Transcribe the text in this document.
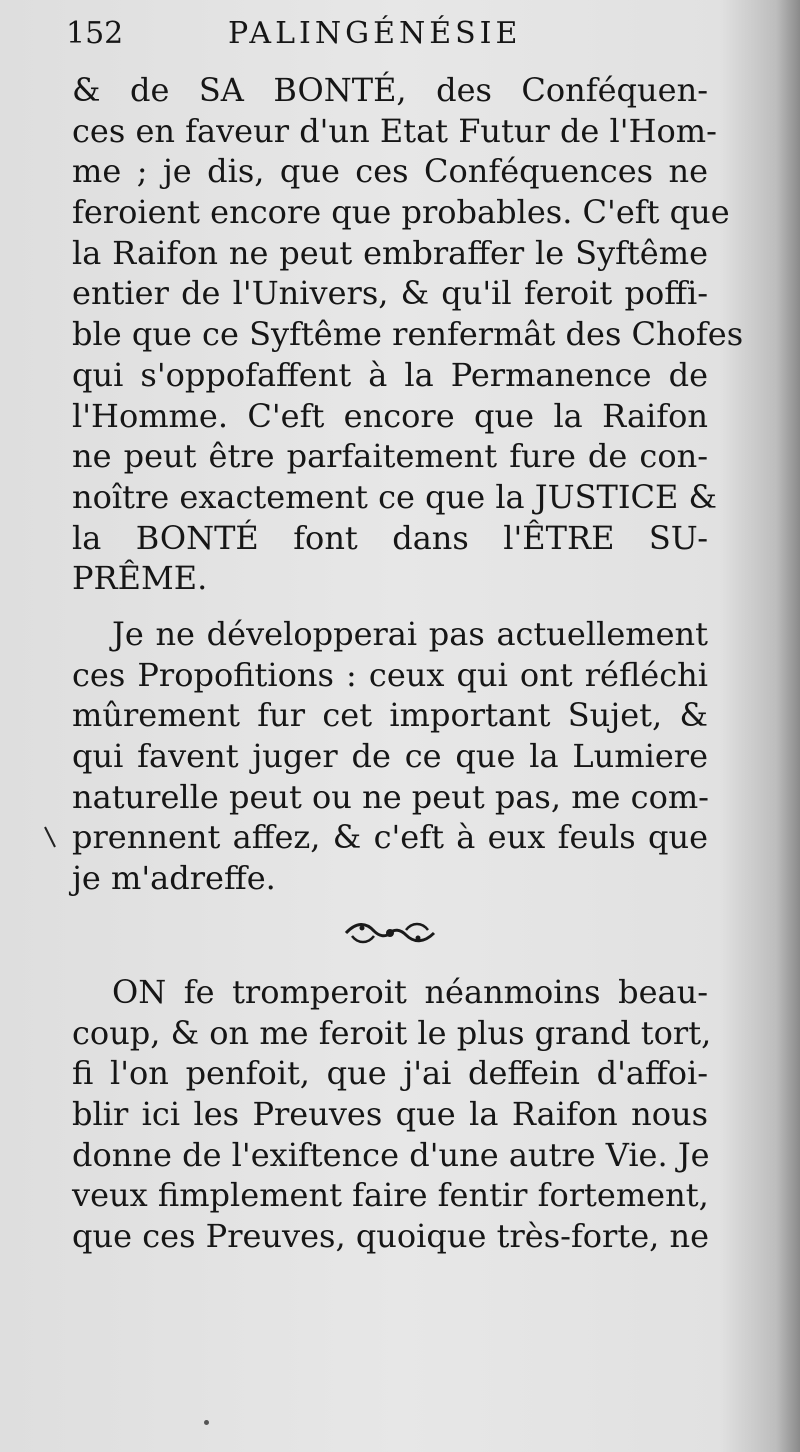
152	PALINGÉNÉSIE
& de SA BONTÉ, des Conféquen-
ces en faveur d'un Etat Futur de l'Hom-
me ; je dis, que ces Conféquences ne
feroient encore que probables. C'eft que
la Raifon ne peut embraffer le Syftême
entier de l'Univers, & qu'il feroit poffi-
ble que ce Syftême renfermât des Chofes
qui s'oppofaffent à la Permanence de
l'Homme. C'eft encore que la Raifon
ne peut être parfaitement fure de con-
noître exactement ce que la JUSTICE &
la BONTÉ font dans l'ÊTRE SU-
PRÊME.
Je ne développerai pas actuellement
ces Propofitions : ceux qui ont réfléchi
mûrement fur cet important Sujet, &
qui favent juger de ce que la Lumiere
naturelle peut ou ne peut pas, me com-
prennent affez, & c'eft à eux feuls que
je m'adreffe.
ON fe tromperoit néanmoins beau-
coup, & on me feroit le plus grand tort,
fi l'on penfoit, que j'ai deffein d'affoi-
blir ici les Preuves que la Raifon nous
donne de l'exiftence d'une autre Vie. Je
veux fimplement faire fentir fortement,
que ces Preuves, quoique très-forte, ne
